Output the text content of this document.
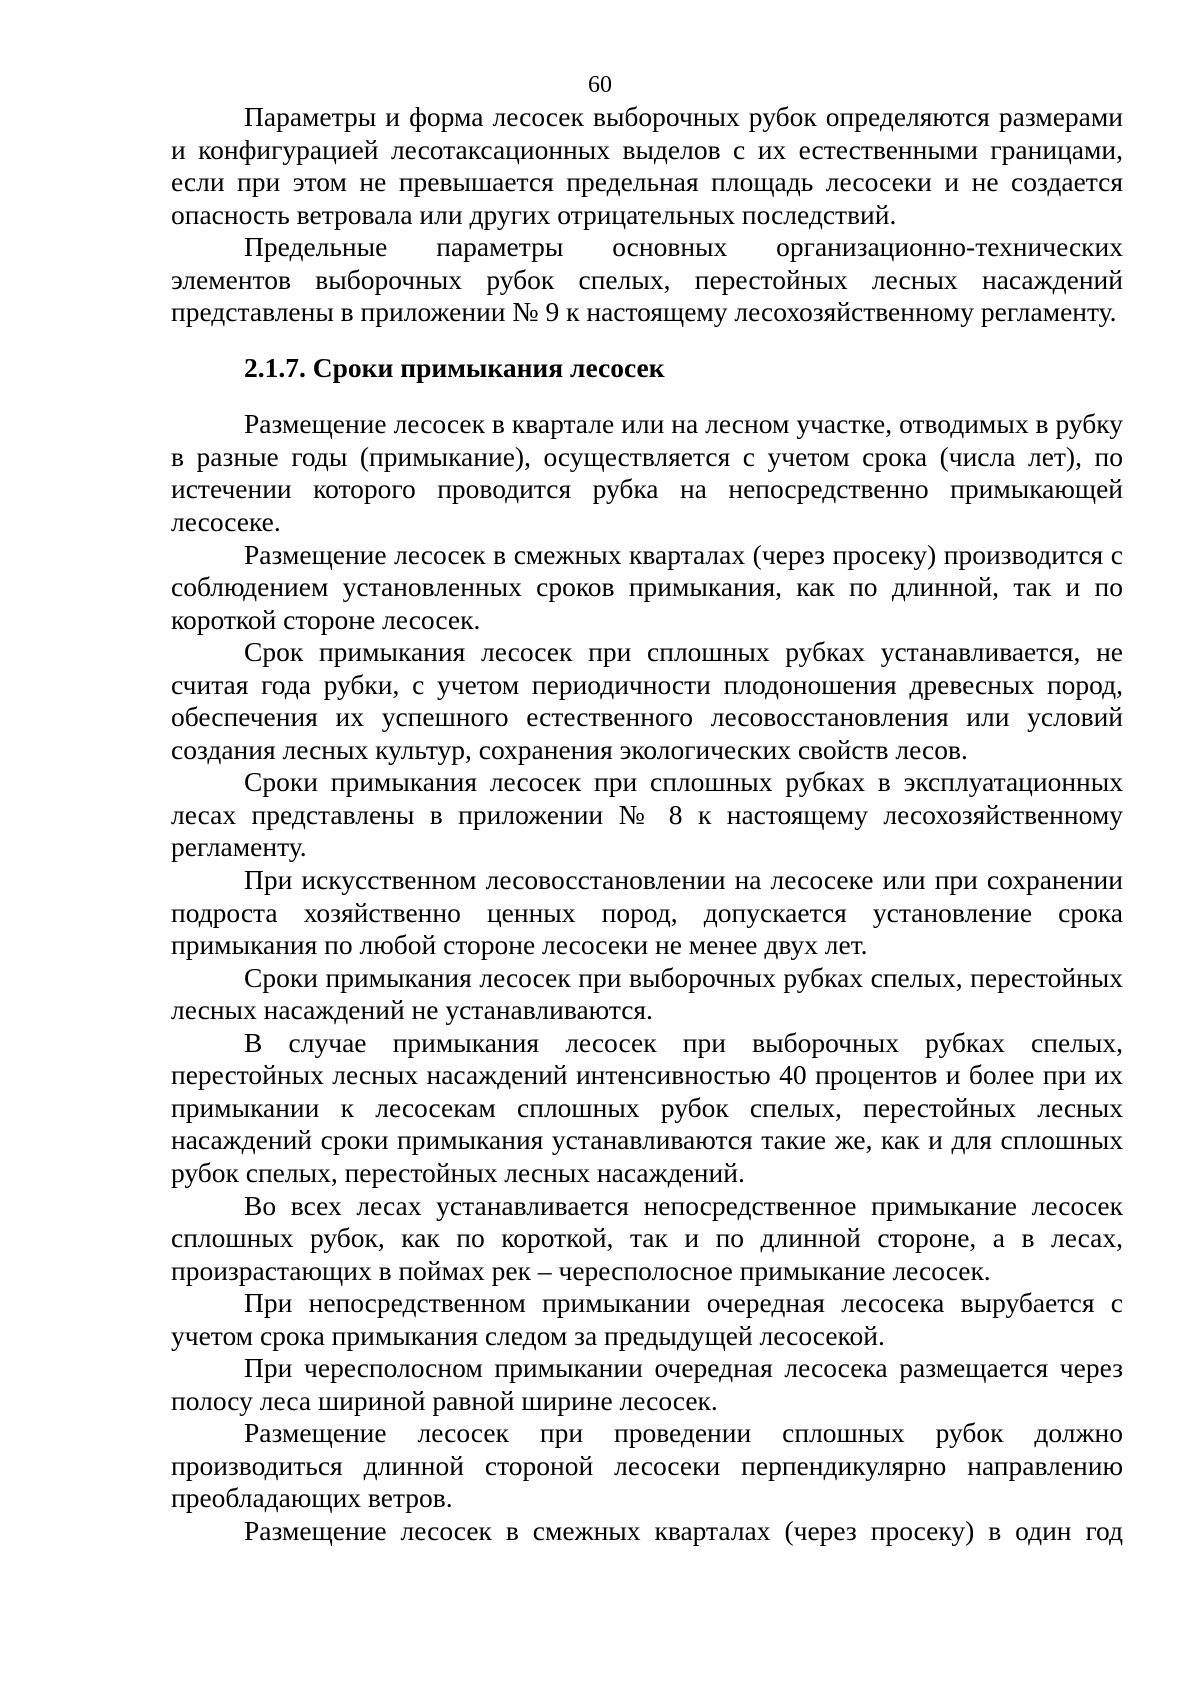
60

Параметры и форма лесосек выборочных рубок определяются размерами и конфигурацией лесотаксационных выделов с их естественными границами, если при этом не превышается предельная площадь лесосеки и не создается опасность ветровала или других отрицательных последствий.

Предельные параметры основных организационно-технических элементов выборочных рубок спелых, перестойных лесных насаждений представлены в приложении № 9 к настоящему лесохозяйственному регламенту.

2.1.7. Сроки примыкания лесосек

Размещение лесосек в квартале или на лесном участке, отводимых в рубку в разные годы (примыкание), осуществляется с учетом срока (числа лет), по истечении которого проводится рубка на непосредственно примыкающей лесосеке.

Размещение лесосек в смежных кварталах (через просеку) производится с соблюдением установленных сроков примыкания, как по длинной, так и по короткой стороне лесосек.

Срок примыкания лесосек при сплошных рубках устанавливается, не считая года рубки, с учетом периодичности плодоношения древесных пород, обеспечения их успешного естественного лесовосстановления или условий создания лесных культур, сохранения экологических свойств лесов.

Сроки примыкания лесосек при сплошных рубках в эксплуатационных лесах представлены в приложении № 8 к настоящему лесохозяйственному регламенту.

При искусственном лесовосстановлении на лесосеке или при сохранении подроста хозяйственно ценных пород, допускается установление срока примыкания по любой стороне лесосеки не менее двух лет.

Сроки примыкания лесосек при выборочных рубках спелых, перестойных лесных насаждений не устанавливаются.

В случае примыкания лесосек при выборочных рубках спелых, перестойных лесных насаждений интенсивностью 40 процентов и более при их примыкании к лесосекам сплошных рубок спелых, перестойных лесных насаждений сроки примыкания устанавливаются такие же, как и для сплошных рубок спелых, перестойных лесных насаждений.

Во всех лесах устанавливается непосредственное примыкание лесосек сплошных рубок, как по короткой, так и по длинной стороне, а в лесах, произрастающих в поймах рек – чересполосное примыкание лесосек.

При непосредственном примыкании очередная лесосека вырубается с учетом срока примыкания следом за предыдущей лесосекой.

При чересполосном примыкании очередная лесосека размещается через полосу леса шириной равной ширине лесосек.

Размещение лесосек при проведении сплошных рубок должно производиться длинной стороной лесосеки перпендикулярно направлению преобладающих ветров.

Размещение лесосек в смежных кварталах (через просеку) в один год
